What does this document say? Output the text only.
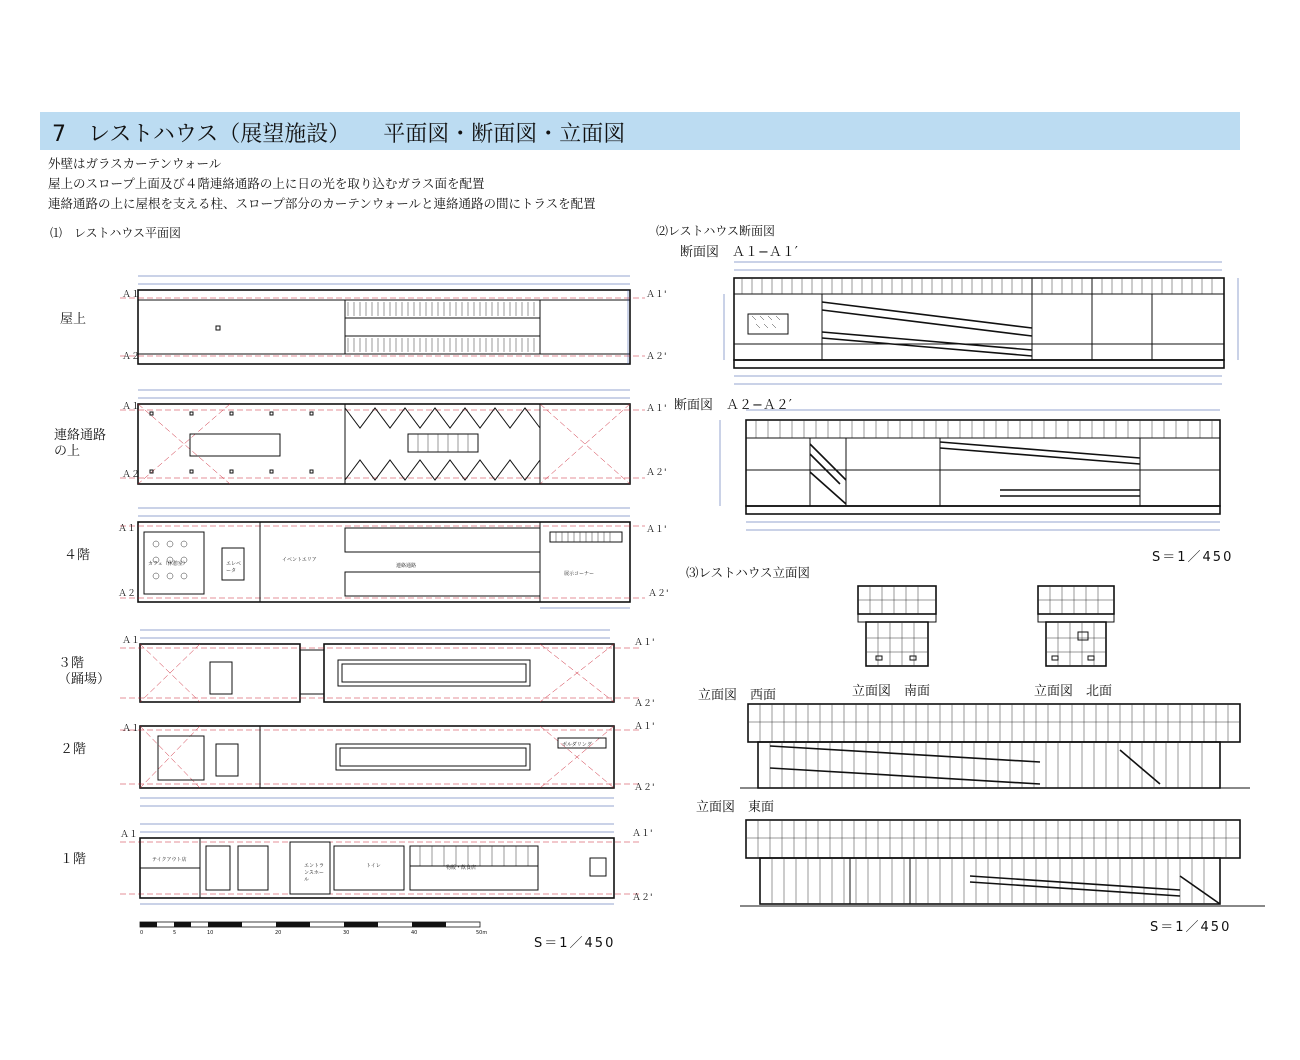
7　レストハウス（展望施設）　　平面図・断面図・立面図
外壁はガラスカーテンウォール
屋上のスロープ上面及び４階連絡通路の上に日の光を取り込むガラス面を配置
連絡通路の上に屋根を支える柱、スロープ部分のカーテンウォールと連絡通路の間にトラスを配置
⑴　レストハウス平面図	⑵レストハウス断面図
断面図　Ａ１−Ａ１′
断面図　Ａ２−Ａ２′
⑶レストハウス立面図
屋上
連絡通路
の上
４階
３階
（踊場）
２階
１階
立面図　西面	立面図　南面	立面図　北面
立面図　東面
S＝1／450
S＝1／450
S＝1／450
Ａ１
Ａ２
Ａ１'
Ａ２'
Ａ１
Ａ２
Ａ１'
Ａ２'
Ａ１
Ａ２
Ａ１'
Ａ２'
イベントエリア
カフェ（休憩室）	エレベータ
連絡通路
展示コーナー
Ａ１	Ａ１'
Ａ２'
Ａ１	Ａ１'
Ａ２'
ボルダリング
Ａ１	Ａ１'
Ａ２'
テイクアウト店
エントランスホール
トイレ	物販・飲食店
0	5	10	20	30	40	50m
